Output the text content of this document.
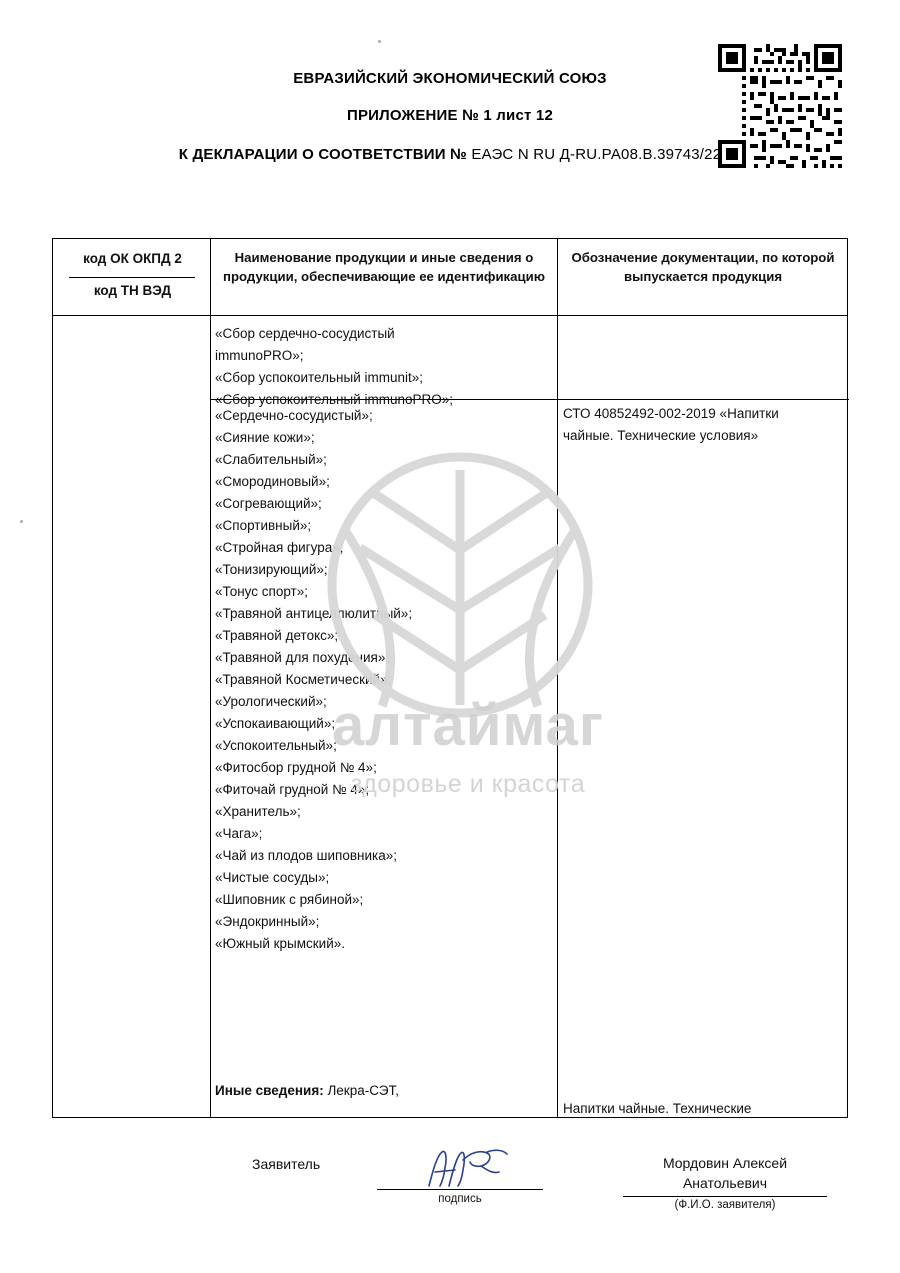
ЕВРАЗИЙСКИЙ ЭКОНОМИЧЕСКИЙ СОЮЗ
ПРИЛОЖЕНИЕ № 1 лист 12
К ДЕКЛАРАЦИИ О СООТВЕТСТВИИ № ЕАЭС N RU Д-RU.РА08.В.39743/22
алтаймаг
здоровье и красота
код ОК ОКПД 2
код ТН ВЭД
Наименование продукции и иные сведения о продукции, обеспечивающие ее идентификацию
Обозначение документации, по которой выпускается продукция
«Сбор сердечно-сосудистый
immunoPRO»;
«Сбор успокоительный immunit»;
«Сбор успокоительный immunoPRO»;
«Сердечно-сосудистый»;
«Сияние кожи»;
«Слабительный»;
«Смородиновый»;
«Согревающий»;
«Спортивный»;
«Стройная фигура»;
«Тонизирующий»;
«Тонус спорт»;
«Травяной антицеллюлитный»;
«Травяной детокс»;
«Травяной для похудения»;
«Травяной Косметический»;
«Урологический»;
«Успокаивающий»;
«Успокоительный»;
«Фитосбор грудной № 4»;
«Фиточай грудной № 4»;
«Хранитель»;
«Чага»;
«Чай из плодов шиповника»;
«Чистые сосуды»;
«Шиповник с рябиной»;
«Эндокринный»;
«Южный крымский».
СТО 40852492-002-2019 «Напитки
чайные. Технические условия»
Иные сведения: Лекра-СЭТ,
Напитки чайные. Технические
Заявитель
подпись
Мордовин Алексей
Анатольевич
(Ф.И.О. заявителя)
